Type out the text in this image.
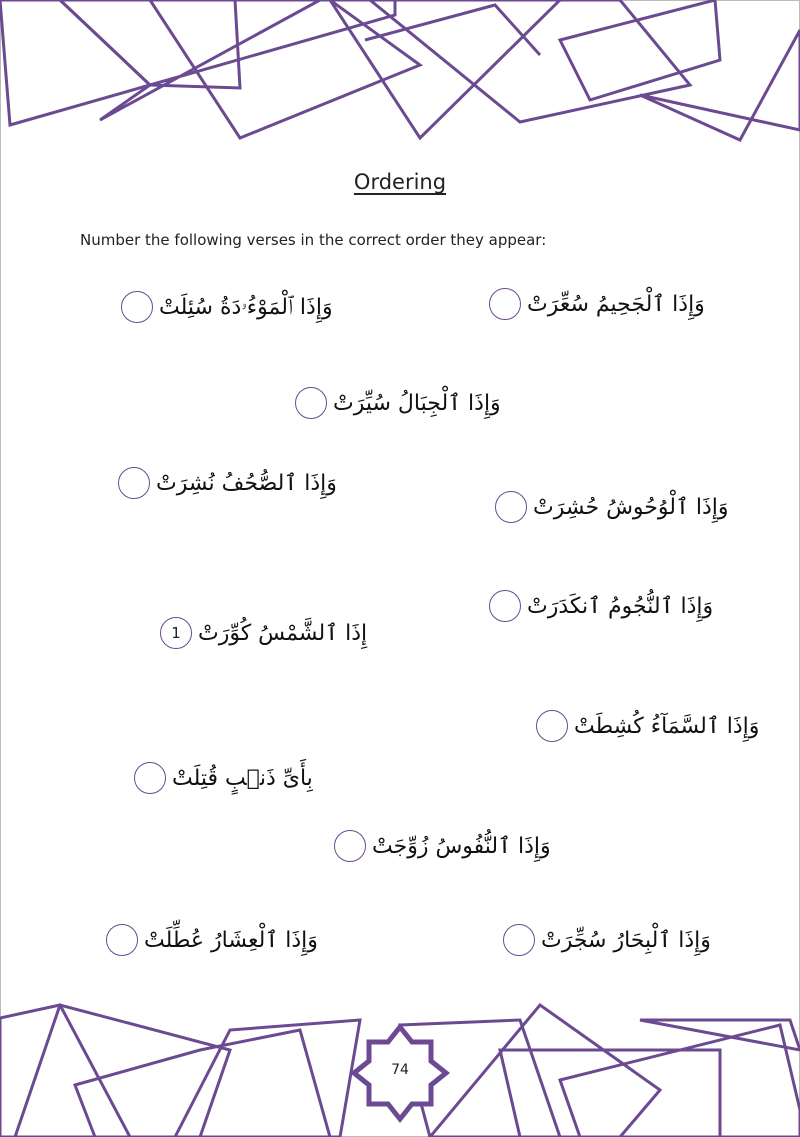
Ordering
Number the following verses in the correct order they appear:
وَإِذَا ٱلْمَوْءُۥدَةُ سُئِلَتْ	وَإِذَا ٱلْجَحِيمُ سُعِّرَتْ
وَإِذَا ٱلْجِبَالُ سُيِّرَتْ
وَإِذَا ٱلصُّحُفُ نُشِرَتْ
وَإِذَا ٱلْوُحُوشُ حُشِرَتْ
وَإِذَا ٱلنُّجُومُ ٱنكَدَرَتْ
1 إِذَا ٱلشَّمْسُ كُوِّرَتْ
وَإِذَا ٱلسَّمَآءُ كُشِطَتْ
بِأَىِّ ذَنۢبٍ قُتِلَتْ
وَإِذَا ٱلنُّفُوسُ زُوِّجَتْ
وَإِذَا ٱلْعِشَارُ عُطِّلَتْ	وَإِذَا ٱلْبِحَارُ سُجِّرَتْ
74
